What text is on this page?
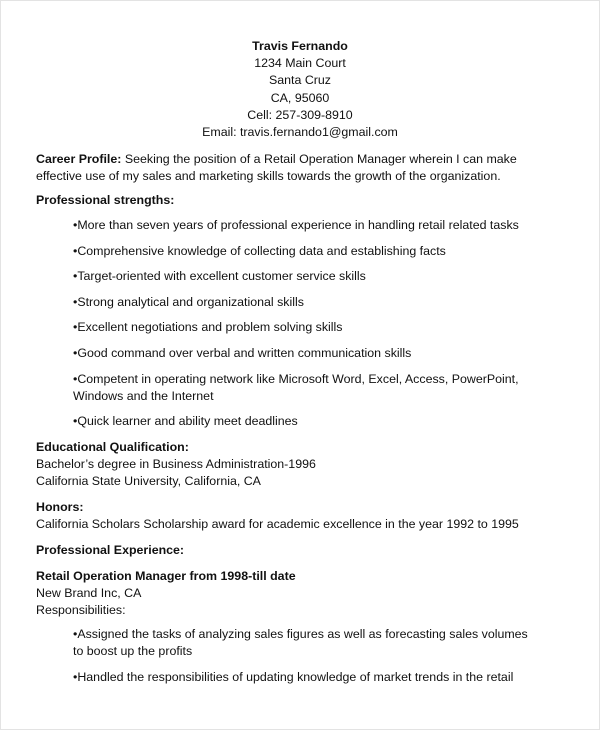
Travis Fernando
1234 Main Court
Santa Cruz
CA, 95060
Cell: 257-309-8910
Email: travis.fernando1@gmail.com
Career Profile: Seeking the position of a Retail Operation Manager wherein I can make effective use of my sales and marketing skills towards the growth of the organization.
Professional strengths:
•More than seven years of professional experience in handling retail related tasks
•Comprehensive knowledge of collecting data and establishing facts
•Target-oriented with excellent customer service skills
•Strong analytical and organizational skills
•Excellent negotiations and problem solving skills
•Good command over verbal and written communication skills
•Competent in operating network like Microsoft Word, Excel, Access, PowerPoint, Windows and the Internet
•Quick learner and ability meet deadlines
Educational Qualification:
Bachelor’s degree in Business Administration-1996
California State University, California, CA
Honors:
California Scholars Scholarship award for academic excellence in the year 1992 to 1995
Professional Experience:
Retail Operation Manager from 1998-till date
New Brand Inc, CA
Responsibilities:
•Assigned the tasks of analyzing sales figures as well as forecasting sales volumes to boost up the profits
•Handled the responsibilities of updating knowledge of market trends in the retail
